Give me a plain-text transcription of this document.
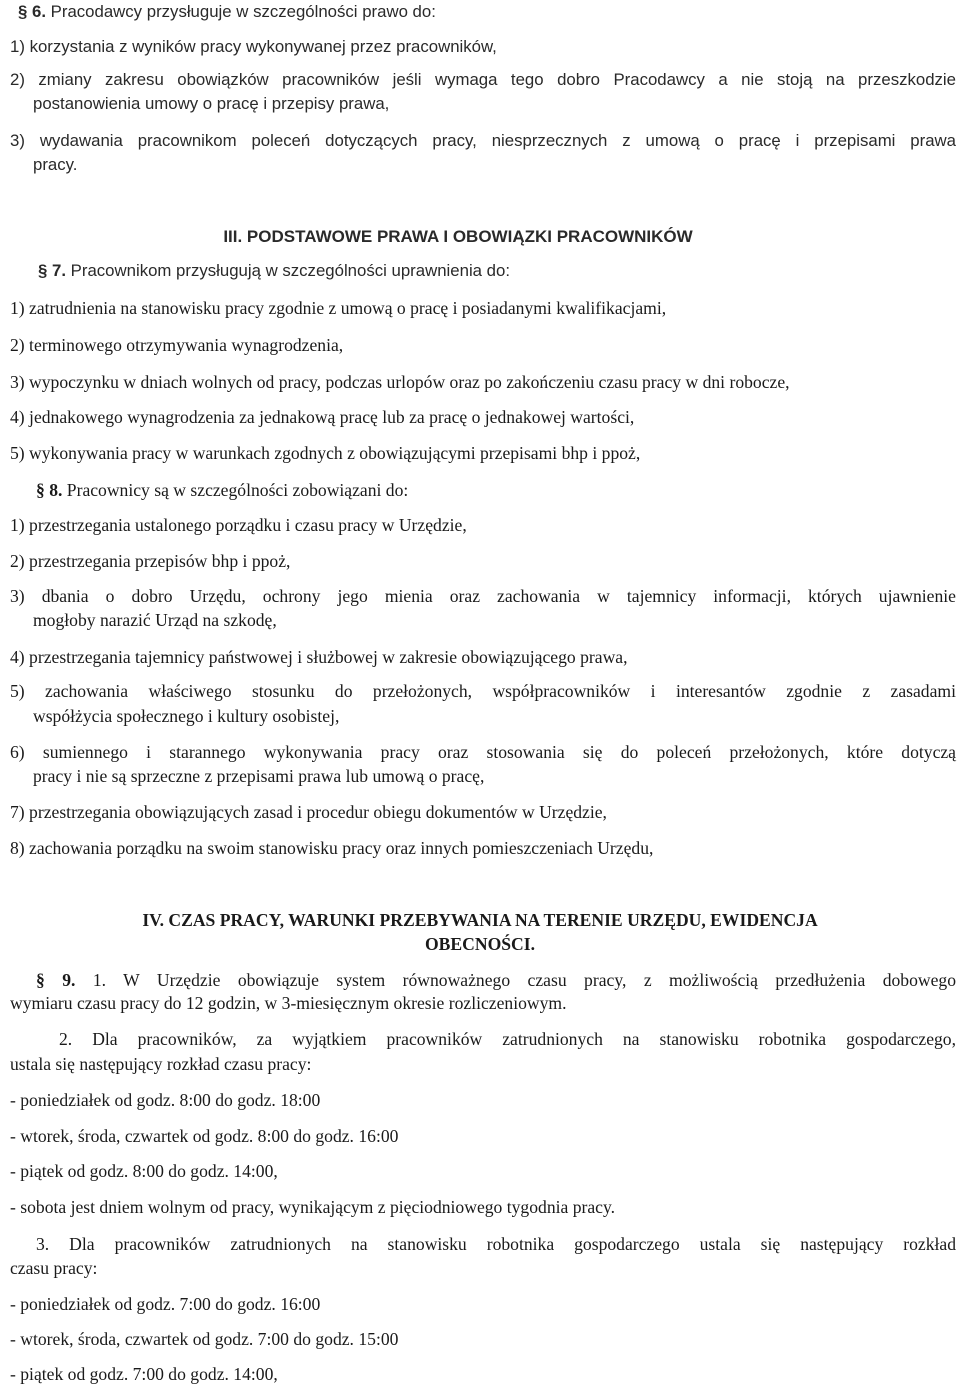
§ 6. Pracodawcy przysługuje w szczególności prawo do:
1) korzystania z wyników pracy wykonywanej przez pracowników,
2) zmiany zakresu obowiązków pracowników jeśli wymaga tego dobro Pracodawcy a nie stoją na przeszkodzie
postanowienia umowy o pracę i przepisy prawa,
3) wydawania pracownikom poleceń dotyczących pracy, niesprzecznych z umową o pracę i przepisami prawa
pracy.
III. PODSTAWOWE PRAWA I OBOWIĄZKI PRACOWNIKÓW
§ 7. Pracownikom przysługują w szczególności uprawnienia do:
1) zatrudnienia na stanowisku pracy zgodnie z umową o pracę i posiadanymi kwalifikacjami,
2) terminowego otrzymywania wynagrodzenia,
3) wypoczynku w dniach wolnych od pracy, podczas urlopów oraz po zakończeniu czasu pracy w dni robocze,
4) jednakowego wynagrodzenia za jednakową pracę lub za pracę o jednakowej wartości,
5) wykonywania pracy w warunkach zgodnych z obowiązującymi przepisami bhp i ppoż,
§ 8. Pracownicy są w szczególności zobowiązani do:
1) przestrzegania ustalonego porządku i czasu pracy w Urzędzie,
2) przestrzegania przepisów bhp i ppoż,
3) dbania o dobro Urzędu, ochrony jego mienia oraz zachowania w tajemnicy informacji, których ujawnienie
mogłoby narazić Urząd na szkodę,
4) przestrzegania tajemnicy państwowej i służbowej w zakresie obowiązującego prawa,
5) zachowania właściwego stosunku do przełożonych, współpracowników i interesantów zgodnie z zasadami
współżycia społecznego i kultury osobistej,
6) sumiennego i starannego wykonywania pracy oraz stosowania się do poleceń przełożonych, które dotyczą
pracy i nie są sprzeczne z przepisami prawa lub umową o pracę,
7) przestrzegania obowiązujących zasad i procedur obiegu dokumentów w Urzędzie,
8) zachowania porządku na swoim stanowisku pracy oraz innych pomieszczeniach Urzędu,
IV. CZAS PRACY, WARUNKI PRZEBYWANIA NA TERENIE URZĘDU, EWIDENCJA
OBECNOŚCI.
§ 9. 1. W Urzędzie obowiązuje system równoważnego czasu pracy, z możliwością przedłużenia dobowego
wymiaru czasu pracy do 12 godzin, w 3-miesięcznym okresie rozliczeniowym.
2. Dla pracowników, za wyjątkiem pracowników zatrudnionych na stanowisku robotnika gospodarczego,
ustala się następujący rozkład czasu pracy:
- poniedziałek od godz. 8:00 do godz. 18:00
- wtorek, środa, czwartek od godz. 8:00 do godz. 16:00
- piątek od godz. 8:00 do godz. 14:00,
- sobota jest dniem wolnym od pracy, wynikającym z pięciodniowego tygodnia pracy.
3. Dla pracowników zatrudnionych na stanowisku robotnika gospodarczego ustala się następujący rozkład
czasu pracy:
- poniedziałek od godz. 7:00 do godz. 16:00
- wtorek, środa, czwartek od godz. 7:00 do godz. 15:00
- piątek od godz. 7:00 do godz. 14:00,
